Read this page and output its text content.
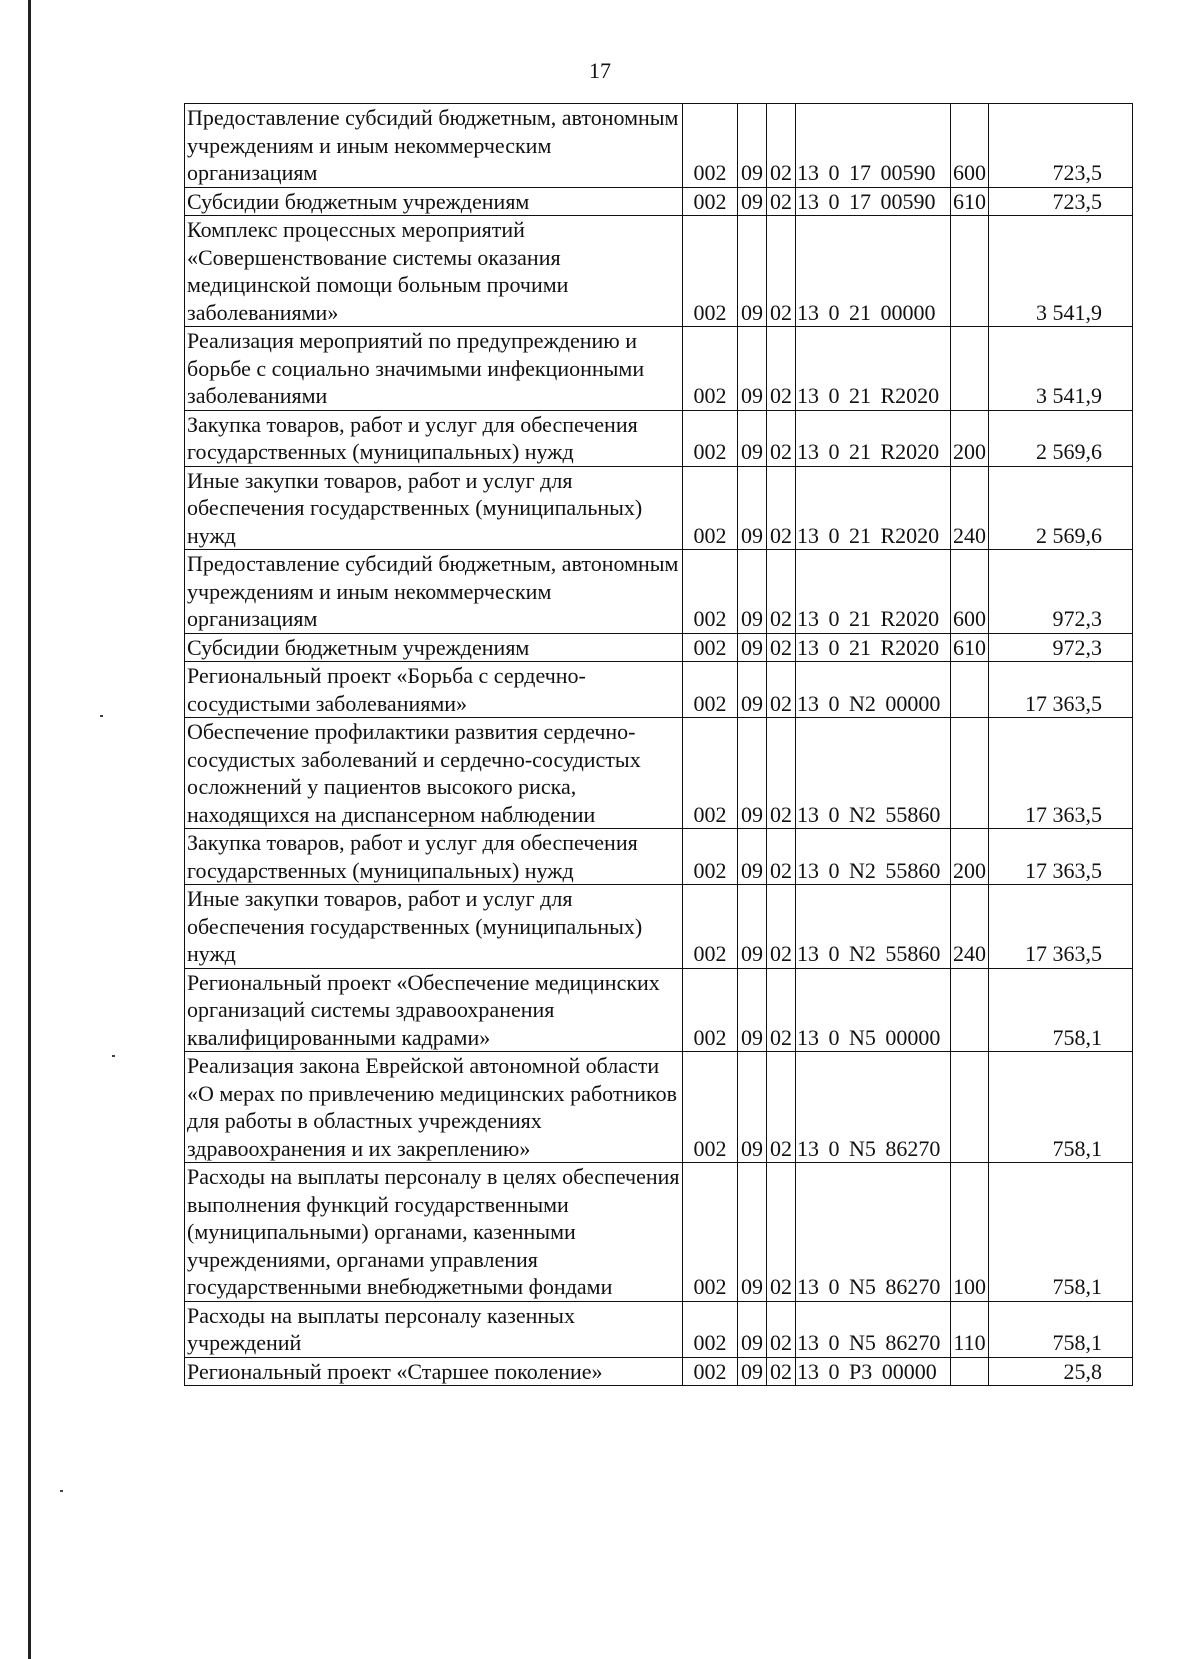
17
Предоставление субсидий бюджетным, автономным учреждениям и иным некоммерческим организациям	002	09	02	13 0 17 00590	600	723,5
Субсидии бюджетным учреждениям	002	09	02	13 0 17 00590	610	723,5
Комплекс процессных мероприятий «Совершенствование системы оказания медицинской помощи больным прочими заболеваниями»	002	09	02	13 0 21 00000		3 541,9
Реализация мероприятий по предупреждению и борьбе с социально значимыми инфекционными заболеваниями	002	09	02	13 0 21 R2020		3 541,9
Закупка товаров, работ и услуг для обеспечения государственных (муниципальных) нужд	002	09	02	13 0 21 R2020	200	2 569,6
Иные закупки товаров, работ и услуг для обеспечения государственных (муниципальных) нужд	002	09	02	13 0 21 R2020	240	2 569,6
Предоставление субсидий бюджетным, автономным учреждениям и иным некоммерческим организациям	002	09	02	13 0 21 R2020	600	972,3
Субсидии бюджетным учреждениям	002	09	02	13 0 21 R2020	610	972,3
Региональный проект «Борьба с сердечно-сосудистыми заболеваниями»	002	09	02	13 0 N2 00000		17 363,5
Обеспечение профилактики развития сердечно-сосудистых заболеваний и сердечно-сосудистых осложнений у пациентов высокого риска, находящихся на диспансерном наблюдении	002	09	02	13 0 N2 55860		17 363,5
Закупка товаров, работ и услуг для обеспечения государственных (муниципальных) нужд	002	09	02	13 0 N2 55860	200	17 363,5
Иные закупки товаров, работ и услуг для обеспечения государственных (муниципальных) нужд	002	09	02	13 0 N2 55860	240	17 363,5
Региональный проект «Обеспечение медицинских организаций системы здравоохранения квалифицированными кадрами»	002	09	02	13 0 N5 00000		758,1
Реализация закона Еврейской автономной области «О мерах по привлечению медицинских работников для работы в областных учреждениях здравоохранения и их закреплению»	002	09	02	13 0 N5 86270		758,1
Расходы на выплаты персоналу в целях обеспечения выполнения функций государственными (муниципальными) органами, казенными учреждениями, органами управления государственными внебюджетными фондами	002	09	02	13 0 N5 86270	100	758,1
Расходы на выплаты персоналу казенных учреждений	002	09	02	13 0 N5 86270	110	758,1
Региональный проект «Старшее поколение»	002	09	02	13 0 P3 00000		25,8
